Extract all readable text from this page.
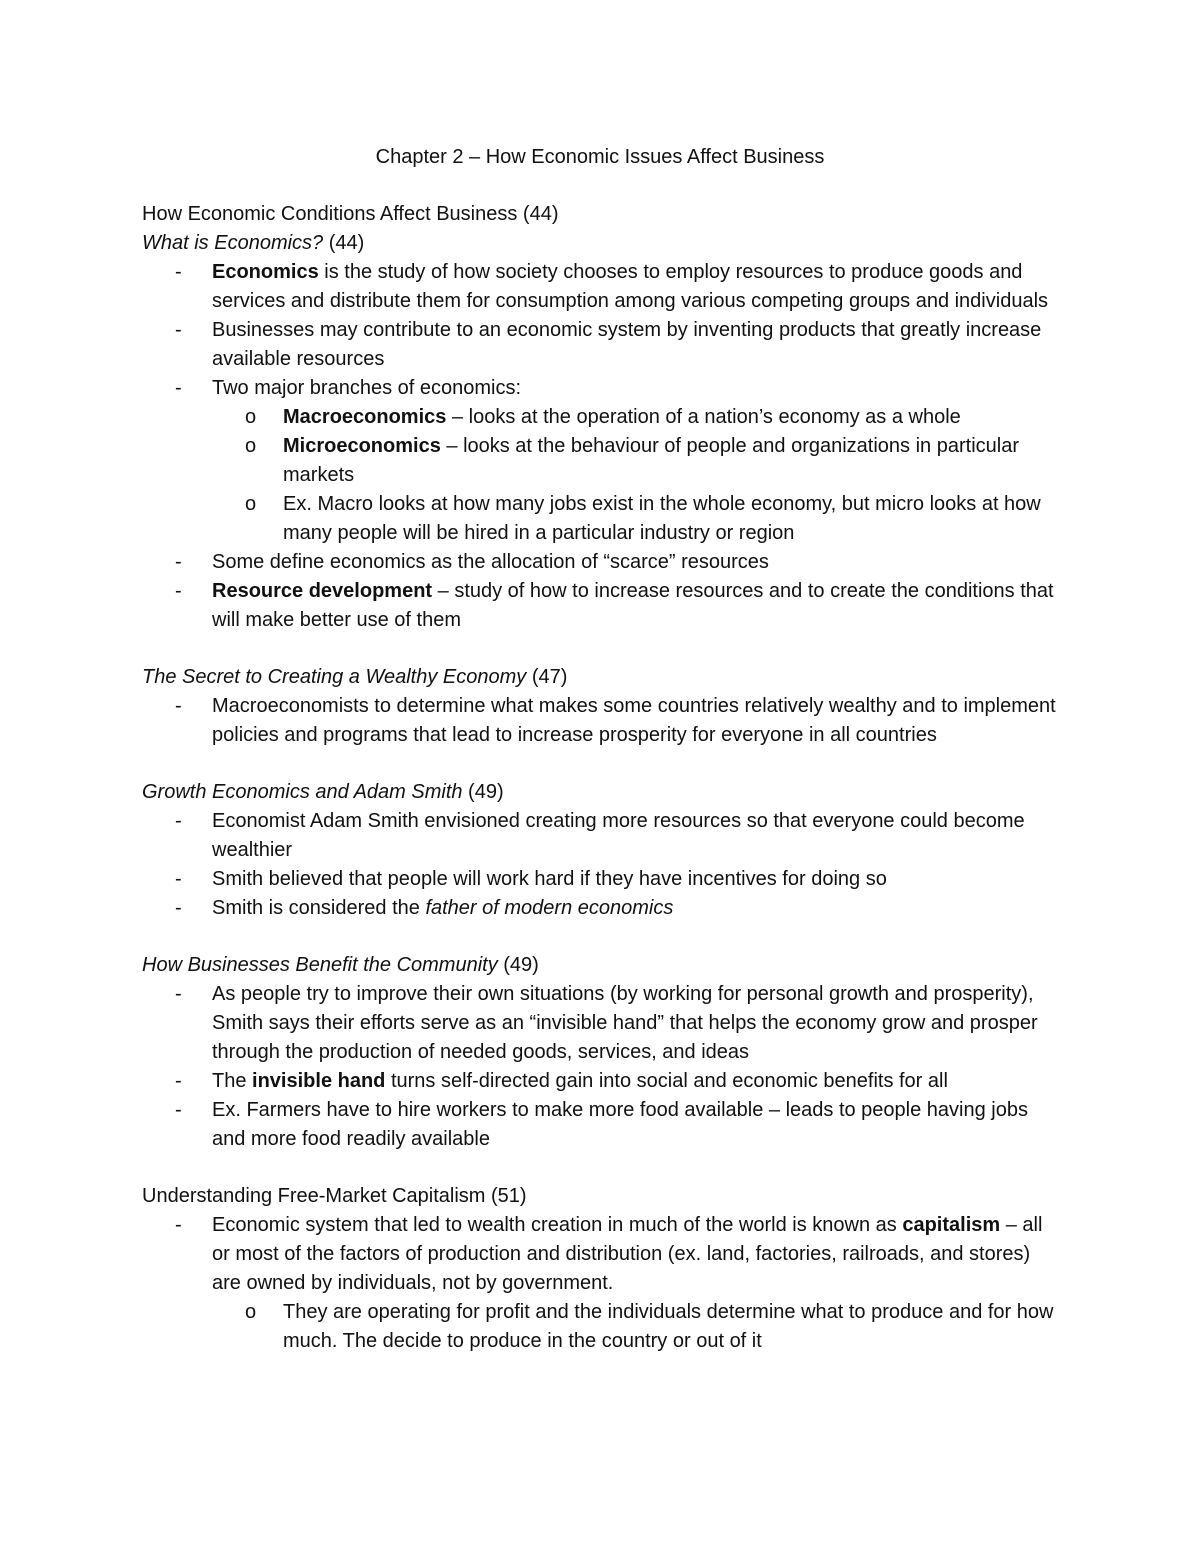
Chapter 2 – How Economic Issues Affect Business

How Economic Conditions Affect Business (44)

What is Economics? (44)

- Economics is the study of how society chooses to employ resources to produce goods and services and distribute them for consumption among various competing groups and individuals
- Businesses may contribute to an economic system by inventing products that greatly increase available resources
- Two major branches of economics:
o Macroeconomics – looks at the operation of a nation’s economy as a whole
o Microeconomics – looks at the behaviour of people and organizations in particular markets
o Ex. Macro looks at how many jobs exist in the whole economy, but micro looks at how many people will be hired in a particular industry or region
- Some define economics as the allocation of “scarce” resources
- Resource development – study of how to increase resources and to create the conditions that will make better use of them

The Secret to Creating a Wealthy Economy (47)

- Macroeconomists to determine what makes some countries relatively wealthy and to implement policies and programs that lead to increase prosperity for everyone in all countries

Growth Economics and Adam Smith (49)

- Economist Adam Smith envisioned creating more resources so that everyone could become wealthier
- Smith believed that people will work hard if they have incentives for doing so
- Smith is considered the father of modern economics

How Businesses Benefit the Community (49)

- As people try to improve their own situations (by working for personal growth and prosperity), Smith says their efforts serve as an “invisible hand” that helps the economy grow and prosper through the production of needed goods, services, and ideas
- The invisible hand turns self-directed gain into social and economic benefits for all
- Ex. Farmers have to hire workers to make more food available – leads to people having jobs and more food readily available

Understanding Free-Market Capitalism (51)

- Economic system that led to wealth creation in much of the world is known as capitalism – all or most of the factors of production and distribution (ex. land, factories, railroads, and stores) are owned by individuals, not by government.
o They are operating for profit and the individuals determine what to produce and for how much. The decide to produce in the country or out of it
